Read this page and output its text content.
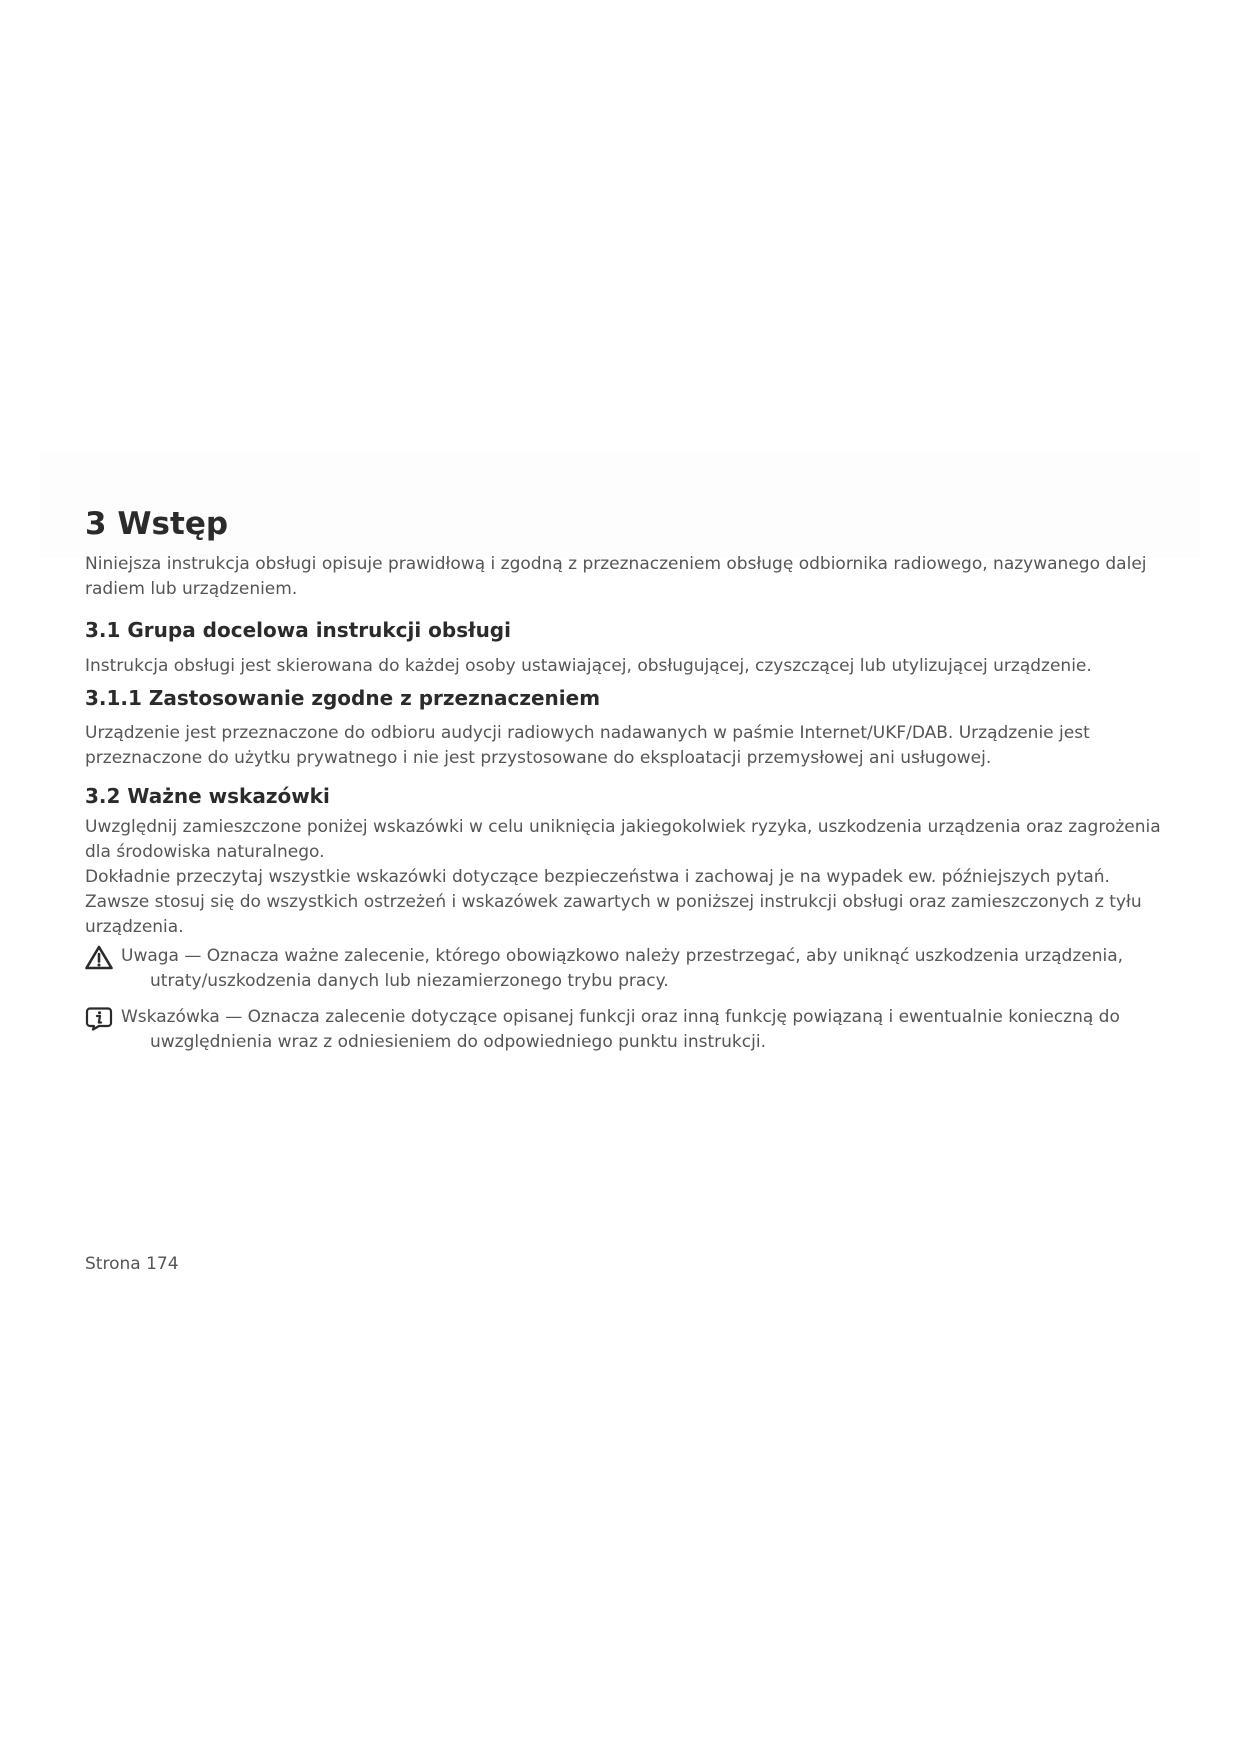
3 Wstęp

Niniejsza instrukcja obsługi opisuje prawidłową i zgodną z przeznaczeniem obsługę odbiornika radiowego, nazywanego dalej radiem lub urządzeniem.

3.1 Grupa docelowa instrukcji obsługi

Instrukcja obsługi jest skierowana do każdej osoby ustawiającej, obsługującej, czyszczącej lub utylizującej urządzenie.

3.1.1 Zastosowanie zgodne z przeznaczeniem

Urządzenie jest przeznaczone do odbioru audycji radiowych nadawanych w paśmie Internet/UKF/DAB. Urządzenie jest przeznaczone do użytku prywatnego i nie jest przystosowane do eksploatacji przemysłowej ani usługowej.

3.2 Ważne wskazówki

Uwzględnij zamieszczone poniżej wskazówki w celu uniknięcia jakiegokolwiek ryzyka, uszkodzenia urządzenia oraz zagrożenia dla środowiska naturalnego.

Dokładnie przeczytaj wszystkie wskazówki dotyczące bezpieczeństwa i zachowaj je na wypadek ew. późniejszych pytań. Zawsze stosuj się do wszystkich ostrzeżeń i wskazówek zawartych w poniższej instrukcji obsługi oraz zamieszczonych z tyłu urządzenia.

Uwaga — Oznacza ważne zalecenie, którego obowiązkowo należy przestrzegać, aby uniknąć uszkodzenia urządzenia,
utraty/uszkodzenia danych lub niezamierzonego trybu pracy.
Wskazówka — Oznacza zalecenie dotyczące opisanej funkcji oraz inną funkcję powiązaną i ewentualnie konieczną do
uwzględnienia wraz z odniesieniem do odpowiedniego punktu instrukcji.
Strona 174
